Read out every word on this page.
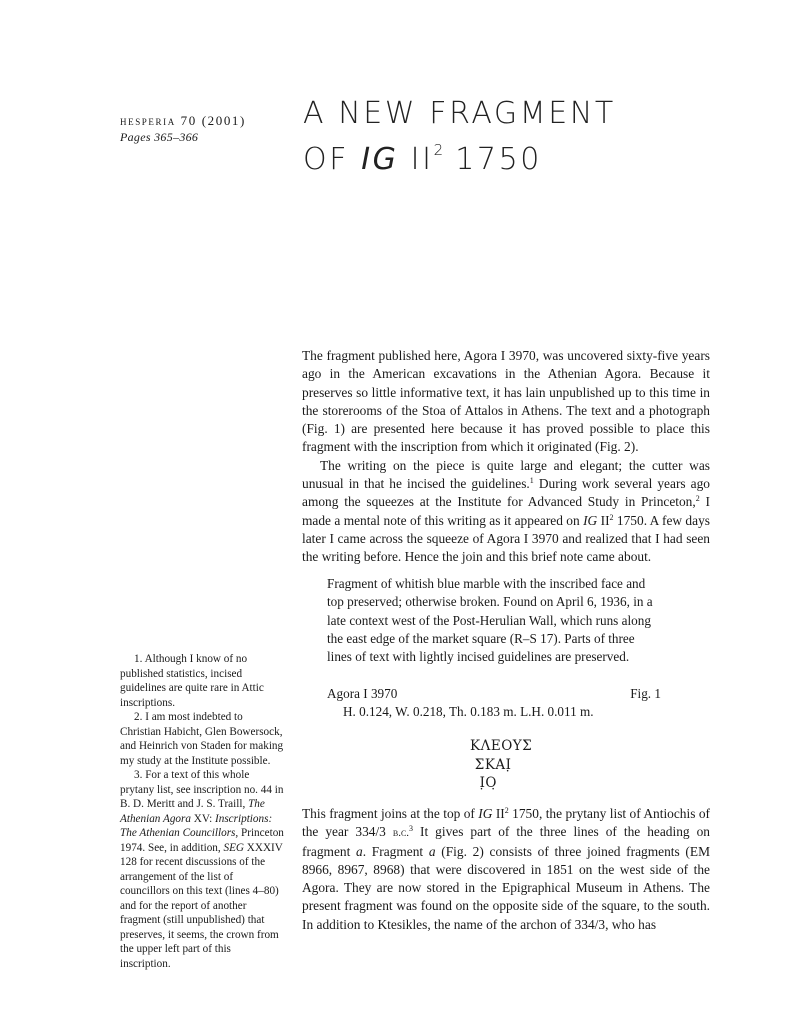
hesperia 70 (2001)
Pages 365–366
A NEW FRAGMENT
OF IG $II^2$ 1750

The fragment published here, Agora I 3970, was uncovered sixty-five years ago in the American excavations in the Athenian Agora. Because it preserves so little informative text, it has lain unpublished up to this time in the storerooms of the Stoa of Attalos in Athens. The text and a photograph (Fig. 1) are presented here because it has proved possible to place this fragment with the inscription from which it originated (Fig. 2).

The writing on the piece is quite large and elegant; the cutter was unusual in that he incised the guidelines.$^1$ During work several years ago among the squeezes at the Institute for Advanced Study in Princeton,$^2$ I made a mental note of this writing as it appeared on IG $II^2$ 1750. A few days later I came across the squeeze of Agora I 3970 and realized that I had seen the writing before. Hence the join and this brief note came about.

Fragment of whitish blue marble with the inscribed face and top preserved; otherwise broken. Found on April 6, 1936, in a late context west of the Post-Herulian Wall, which runs along the east edge of the market square (R–S 17). Parts of three lines of text with lightly incised guidelines are preserved.

Agora I 3970	Fig. 1
H. 0.124, W. 0.218, Th. 0.183 m. L.H. 0.011 m.
ΚΛΕΟΥΣ
ΣΚΑΙ̣
Ι̣Ο̣

This fragment joins at the top of IG $II^2$ 1750, the prytany list of Antiochis of the year 334/3 b.c.$^3$ It gives part of the three lines of the heading on fragment a. Fragment a (Fig. 2) consists of three joined fragments (EM 8966, 8967, 8968) that were discovered in 1851 on the west side of the Agora. They are now stored in the Epigraphical Museum in Athens. The present fragment was found on the opposite side of the square, to the south. In addition to Ktesikles, the name of the archon of 334/3, who has

1. Although I know of no published statistics, incised guidelines are quite rare in Attic inscriptions.

2. I am most indebted to Christian Habicht, Glen Bowersock, and Heinrich von Staden for making my study at the Institute possible.

3. For a text of this whole prytany list, see inscription no. 44 in B. D. Meritt and J. S. Traill, The Athenian Agora XV: Inscriptions: The Athenian Councillors, Princeton 1974. See, in addition, SEG XXXIV 128 for recent discussions of the arrangement of the list of councillors on this text (lines 4–80) and for the report of another fragment (still unpublished) that preserves, it seems, the crown from the upper left part of this inscription.
